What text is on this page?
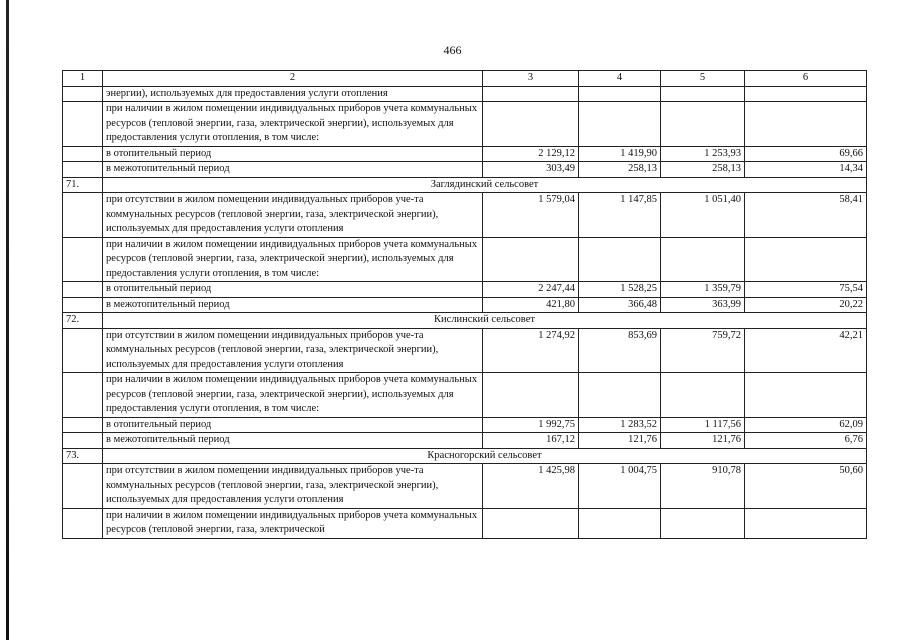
466
1	2	3	4	5	6
	энергии), используемых для предоставления услуги отопления				
	при наличии в жилом помещении индивидуальных приборов учета коммунальных ресурсов (тепловой энергии, газа, электрической энергии), используемых для предоставления услуги отопления, в том числе:				
	в отопительный период	2 129,12	1 419,90	1 253,93	69,66
	в межотопительный период	303,49	258,13	258,13	14,34
71.	Заглядинский сельсовет				
	при отсутствии в жилом помещении индивидуальных приборов уче-та коммунальных ресурсов (тепловой энергии, газа, электрической энергии), используемых для предоставления услуги отопления	1 579,04	1 147,85	1 051,40	58,41
	при наличии в жилом помещении индивидуальных приборов учета коммунальных ресурсов (тепловой энергии, газа, электрической энергии), используемых для предоставления услуги отопления, в том числе:				
	в отопительный период	2 247,44	1 528,25	1 359,79	75,54
	в межотопительный период	421,80	366,48	363,99	20,22
72.	Кислинский сельсовет				
	при отсутствии в жилом помещении индивидуальных приборов уче-та коммунальных ресурсов (тепловой энергии, газа, электрической энергии), используемых для предоставления услуги отопления	1 274,92	853,69	759,72	42,21
	при наличии в жилом помещении индивидуальных приборов учета коммунальных ресурсов (тепловой энергии, газа, электрической энергии), используемых для предоставления услуги отопления, в том числе:				
	в отопительный период	1 992,75	1 283,52	1 117,56	62,09
	в межотопительный период	167,12	121,76	121,76	6,76
73.	Красногорский сельсовет				
	при отсутствии в жилом помещении индивидуальных приборов уче-та коммунальных ресурсов (тепловой энергии, газа, электрической энергии), используемых для предоставления услуги отопления	1 425,98	1 004,75	910,78	50,60
	при наличии в жилом помещении индивидуальных приборов учета коммунальных ресурсов (тепловой энергии, газа, электрической				
